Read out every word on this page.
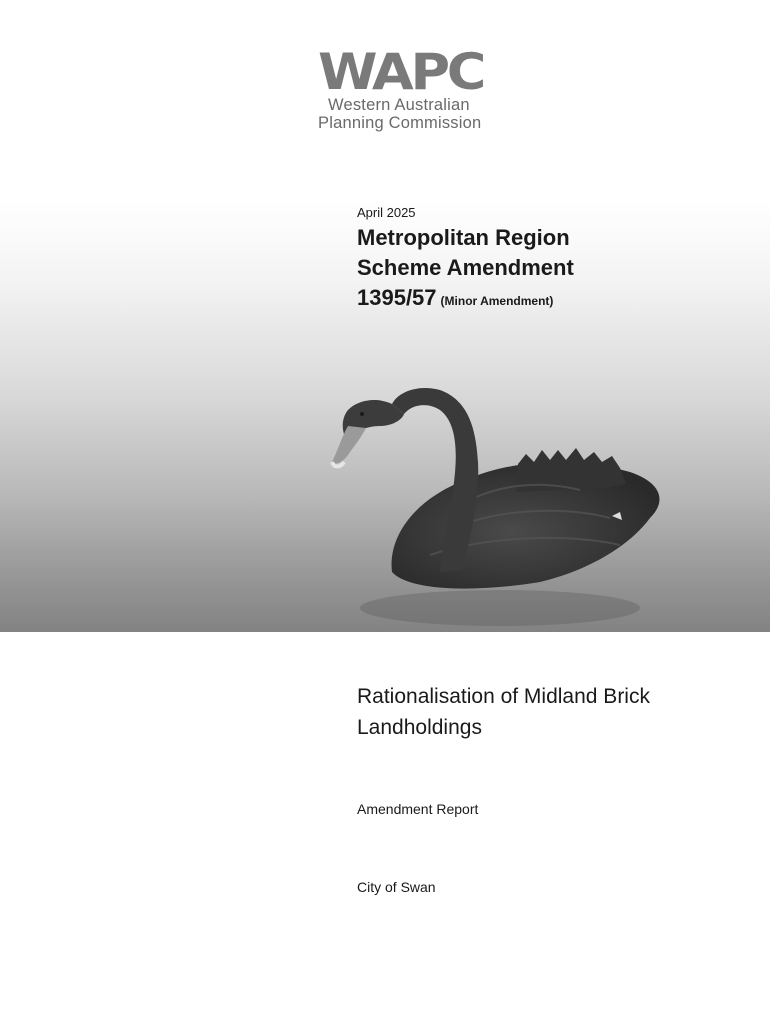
WAPC
Western Australian
Planning Commission
April 2025
Metropolitan Region
Scheme Amendment
1395/57 (Minor Amendment)
Rationalisation of Midland Brick
Landholdings
Amendment Report
City of Swan
